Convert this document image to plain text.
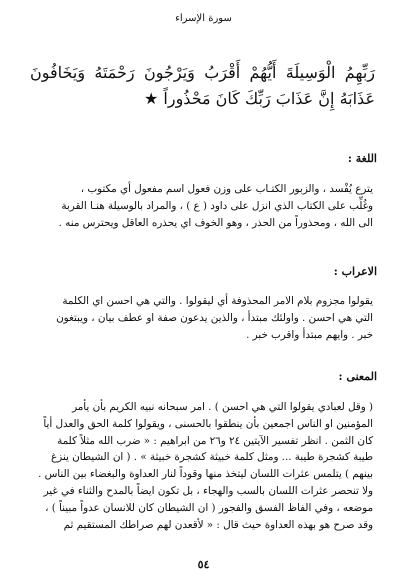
سورة الإسراء
رَبِّهِمُ الْوَسِيلَةَ أَيُّهُمْ أَقْرَبُ وَيَرْجُونَ رَحْمَتَهُ وَيَخَافُونَ عَذَابَهُ إِنَّ عَذَابَ رَبِّكَ كَانَ مَحْذُوراً ★
اللغة :

يترع يُفْسد ، والزبور الكتـاب على وزن فعول اسم مفعول أي مكتوب ،

وغُلِّب على الكتاب الذي انزل على داود ( ع ) ، والمراد بالوسيلة هنـا القربة

الى الله ، ومحذوراً من الحذر ، وهو الخوف اي يحذره العاقل ويحترس منه .

الاعراب :

يقولوا مجزوم بلام الامر المحذوفة أي ليقولوا . والتي هي احسن اي الكلمة

التي هي احسن . واولئك مبتدأ ، والذين يدعون صفة او عطف بيان ، ويبتغون

خبر . وايهم مبتدأ واقرب خبر .

المعنى :

( وقل لعبادي يقولوا التي هي احسن ) . امر سبحانه نبيه الكريم بأن يأمر

المؤمنين او الناس اجمعين بأن ينطقوا بالحسنى ، ويقولوا كلمة الحق والعدل أياً

كان الثمن . انظر تفسير الآيتين ٢٤ و٢٦ من ابراهيم : « ضرب الله مثلاً كلمة

طيبة كشجرة طيبة ... ومثل كلمة خبيثة كشجرة خبيثة » . ( ان الشيطان ينزغ

بينهم ) يتلمس عثرات اللسان ليتخذ منها وقوداً لنار العداوة والبغضاء بين الناس .

ولا تنحصر عثرات اللسان بالسب والهجاء ، بل تكون ايضاً بالمدح والثناء في غير

موضعه ، وفي الفاظ الفسق والفجور ( ان الشيطان كان للانسان عدواً مبيناً ) ،

وقد صرح هو بهذه العداوة حيث قال : « لأقعدن لهم صراطك المستقيم ثم

٥٤
